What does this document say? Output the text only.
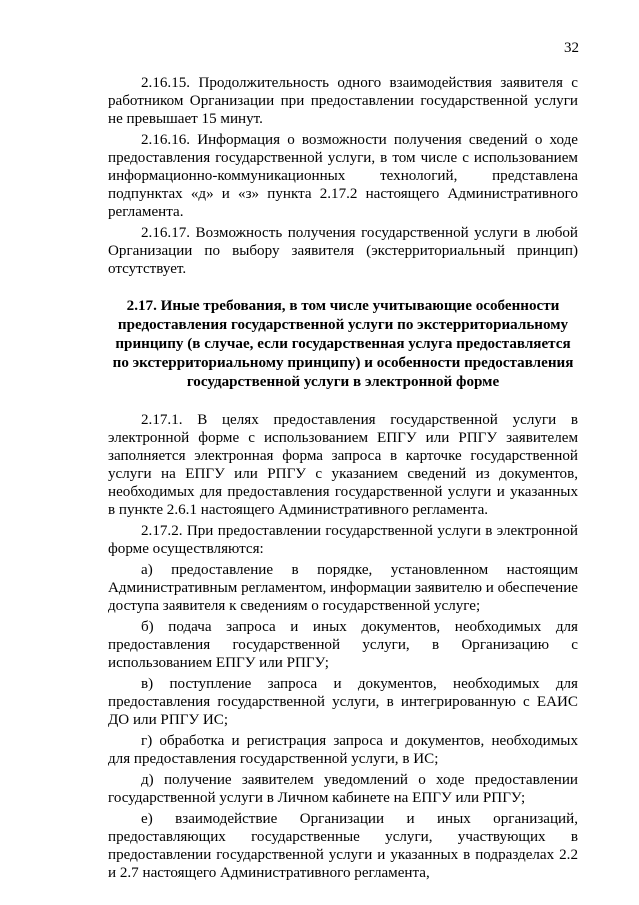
32

2.16.15. Продолжительность одного взаимодействия заявителя с работником Организации при предоставлении государственной услуги не превышает 15 минут.

2.16.16. Информация о возможности получения сведений о ходе предоставления государственной услуги, в том числе с использованием информационно-коммуникационных технологий, представлена подпунктах «д» и «з» пункта 2.17.2 настоящего Административного регламента.

2.16.17. Возможность получения государственной услуги в любой Организации по выбору заявителя (экстерриториальный принцип) отсутствует.

2.17. Иные требования, в том числе учитывающие особенности предоставления государственной услуги по экстерриториальному принципу (в случае, если государственная услуга предоставляется по экстерриториальному принципу) и особенности предоставления государственной услуги в электронной форме

2.17.1. В целях предоставления государственной услуги в электронной форме с использованием ЕПГУ или РПГУ заявителем заполняется электронная форма запроса в карточке государственной услуги на ЕПГУ или РПГУ с указанием сведений из документов, необходимых для предоставления государственной услуги и указанных в пункте 2.6.1 настоящего Административного регламента.

2.17.2. При предоставлении государственной услуги в электронной форме осуществляются:

а) предоставление в порядке, установленном настоящим Административным регламентом, информации заявителю и обеспечение доступа заявителя к сведениям о государственной услуге;

б) подача запроса и иных документов, необходимых для предоставления государственной услуги, в Организацию с использованием ЕПГУ или РПГУ;

в) поступление запроса и документов, необходимых для предоставления государственной услуги, в интегрированную с ЕАИС ДО или РПГУ ИС;

г) обработка и регистрация запроса и документов, необходимых для предоставления государственной услуги, в ИС;

д) получение заявителем уведомлений о ходе предоставлении государственной услуги в Личном кабинете на ЕПГУ или РПГУ;

е) взаимодействие Организации и иных организаций, предоставляющих государственные услуги, участвующих в предоставлении государственной услуги и указанных в подразделах 2.2 и 2.7 настоящего Административного регламента,
